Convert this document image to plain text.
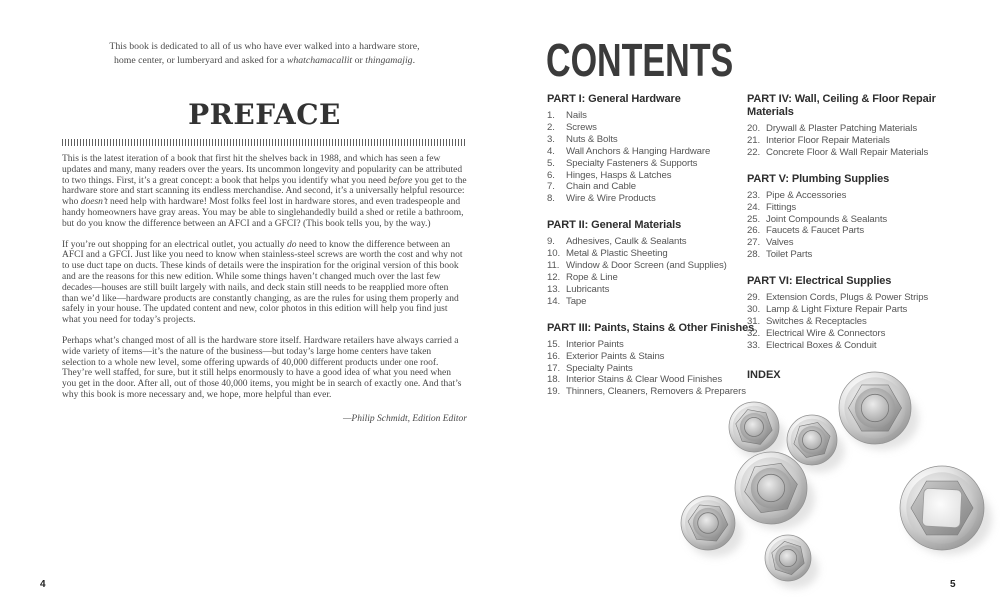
This book is dedicated to all of us who have ever walked into a hardware store,
home center, or lumberyard and asked for a whatchamacallit or thingamajig.

PREFACE

This is the latest iteration of a book that first hit the shelves back in 1988, and which has seen a few updates and many, many readers over the years. Its uncommon longevity and popularity can be attributed to two things. First, it’s a great concept: a book that helps you identify what you need before you get to the hardware store and start scanning its endless merchandise. And second, it’s a universally helpful resource: who doesn’t need help with hardware! Most folks feel lost in hardware stores, and even tradespeople and handy homeowners have gray areas. You may be able to singlehandedly build a shed or retile a bathroom, but do you know the difference between an AFCI and a GFCI? (This book tells you, by the way.)

If you’re out shopping for an electrical outlet, you actually do need to know the difference between an AFCI and a GFCI. Just like you need to know when stainless-steel screws are worth the cost and why not to use duct tape on ducts. These kinds of details were the inspiration for the original version of this book and are the reasons for this new edition. While some things haven’t changed much over the last few decades—houses are still built largely with nails, and deck stain still needs to be reapplied more often than we’d like—hardware products are constantly changing, as are the rules for using them properly and safely in your house. The updated content and new, color photos in this edition will help you find just what you need for today’s projects.

Perhaps what’s changed most of all is the hardware store itself. Hardware retailers have always carried a wide variety of items—it’s the nature of the business—but today’s large home centers have taken selection to a whole new level, some offering upwards of 40,000 different products under one roof. They’re well staffed, for sure, but it still helps enormously to have a good idea of what you need when you get in the door. After all, out of those 40,000 items, you might be in search of exactly one. And that’s why this book is more necessary and, we hope, more helpful than ever.

—Philip Schmidt, Edition Editor

4
CONTENTS
PART I: General Hardware
1.	Nails
2.	Screws
3.	Nuts & Bolts
4.	Wall Anchors & Hanging Hardware
5.	Specialty Fasteners & Supports
6.	Hinges, Hasps & Latches
7.	Chain and Cable
8.	Wire & Wire Products
PART II: General Materials
9.	Adhesives, Caulk & Sealants
10. Metal & Plastic Sheeting
11. Window & Door Screen (and Supplies)
12. Rope & Line
13. Lubricants
14. Tape
PART III: Paints, Stains & Other Finishes
15. Interior Paints
16. Exterior Paints & Stains
17. Specialty Paints
18. Interior Stains & Clear Wood Finishes
19. Thinners, Cleaners, Removers & Preparers
PART IV: Wall, Ceiling & Floor Repair
Materials
20. Drywall & Plaster Patching Materials
21. Interior Floor Repair Materials
22. Concrete Floor & Wall Repair Materials
PART V: Plumbing Supplies
23. Pipe & Accessories
24. Fittings
25. Joint Compounds & Sealants
26. Faucets & Faucet Parts
27. Valves
28. Toilet Parts
PART VI: Electrical Supplies
29. Extension Cords, Plugs & Power Strips
30. Lamp & Light Fixture Repair Parts
31. Switches & Receptacles
32. Electrical Wire & Connectors
33. Electrical Boxes & Conduit
INDEX
5
